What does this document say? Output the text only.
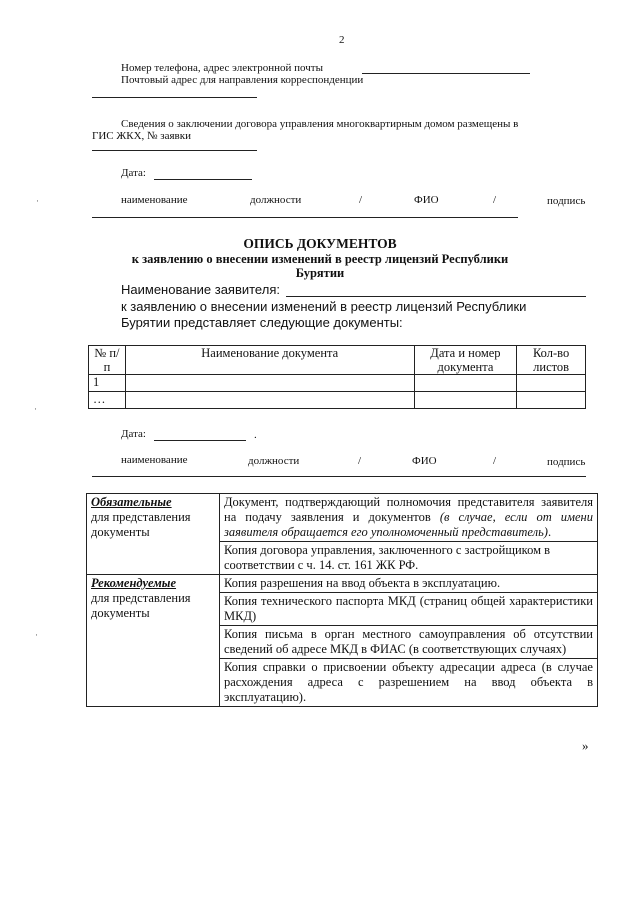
2
Номер телефона, адрес электронной почты
Почтовый адрес для направления корреспонденции
Сведения о заключении договора управления многоквартирным домом размещены в
ГИС ЖКХ, № заявки
Дата:
наименование	должности	/	ФИО	/	подпись
ОПИСЬ ДОКУМЕНТОВ
к заявлению о внесении изменений в реестр лицензий Республики
Бурятии
Наименование заявителя:
к заявлению о внесении изменений в реестр лицензий Республики
Бурятии представляет следующие документы:
№ п/п	Наименование документа	Дата и номер документа	Кол-во листов
1			
…			
Дата:	.
наименование	должности	/	ФИО	/	подпись
Обязательные
для представления документы	Документ, подтверждающий полномочия представителя заявителя на подачу заявления и документов (в случае, если от имени заявителя обращается его уполномоченный представитель).
	Копия договора управления, заключенного с застройщиком в соответствии с ч. 14. ст. 161 ЖК РФ.
Рекомендуемые
для представления документы	Копия разрешения на ввод объекта в эксплуатацию.
	Копия технического паспорта МКД (страниц общей характеристики МКД)
	Копия письма в орган местного самоуправления об отсутствии сведений об адресе МКД в ФИАС (в соответствующих случаях)
	Копия справки о присвоении объекту адресации адреса (в случае расхождения адреса с разрешением на ввод объекта в эксплуатацию).
»
·
·
·
